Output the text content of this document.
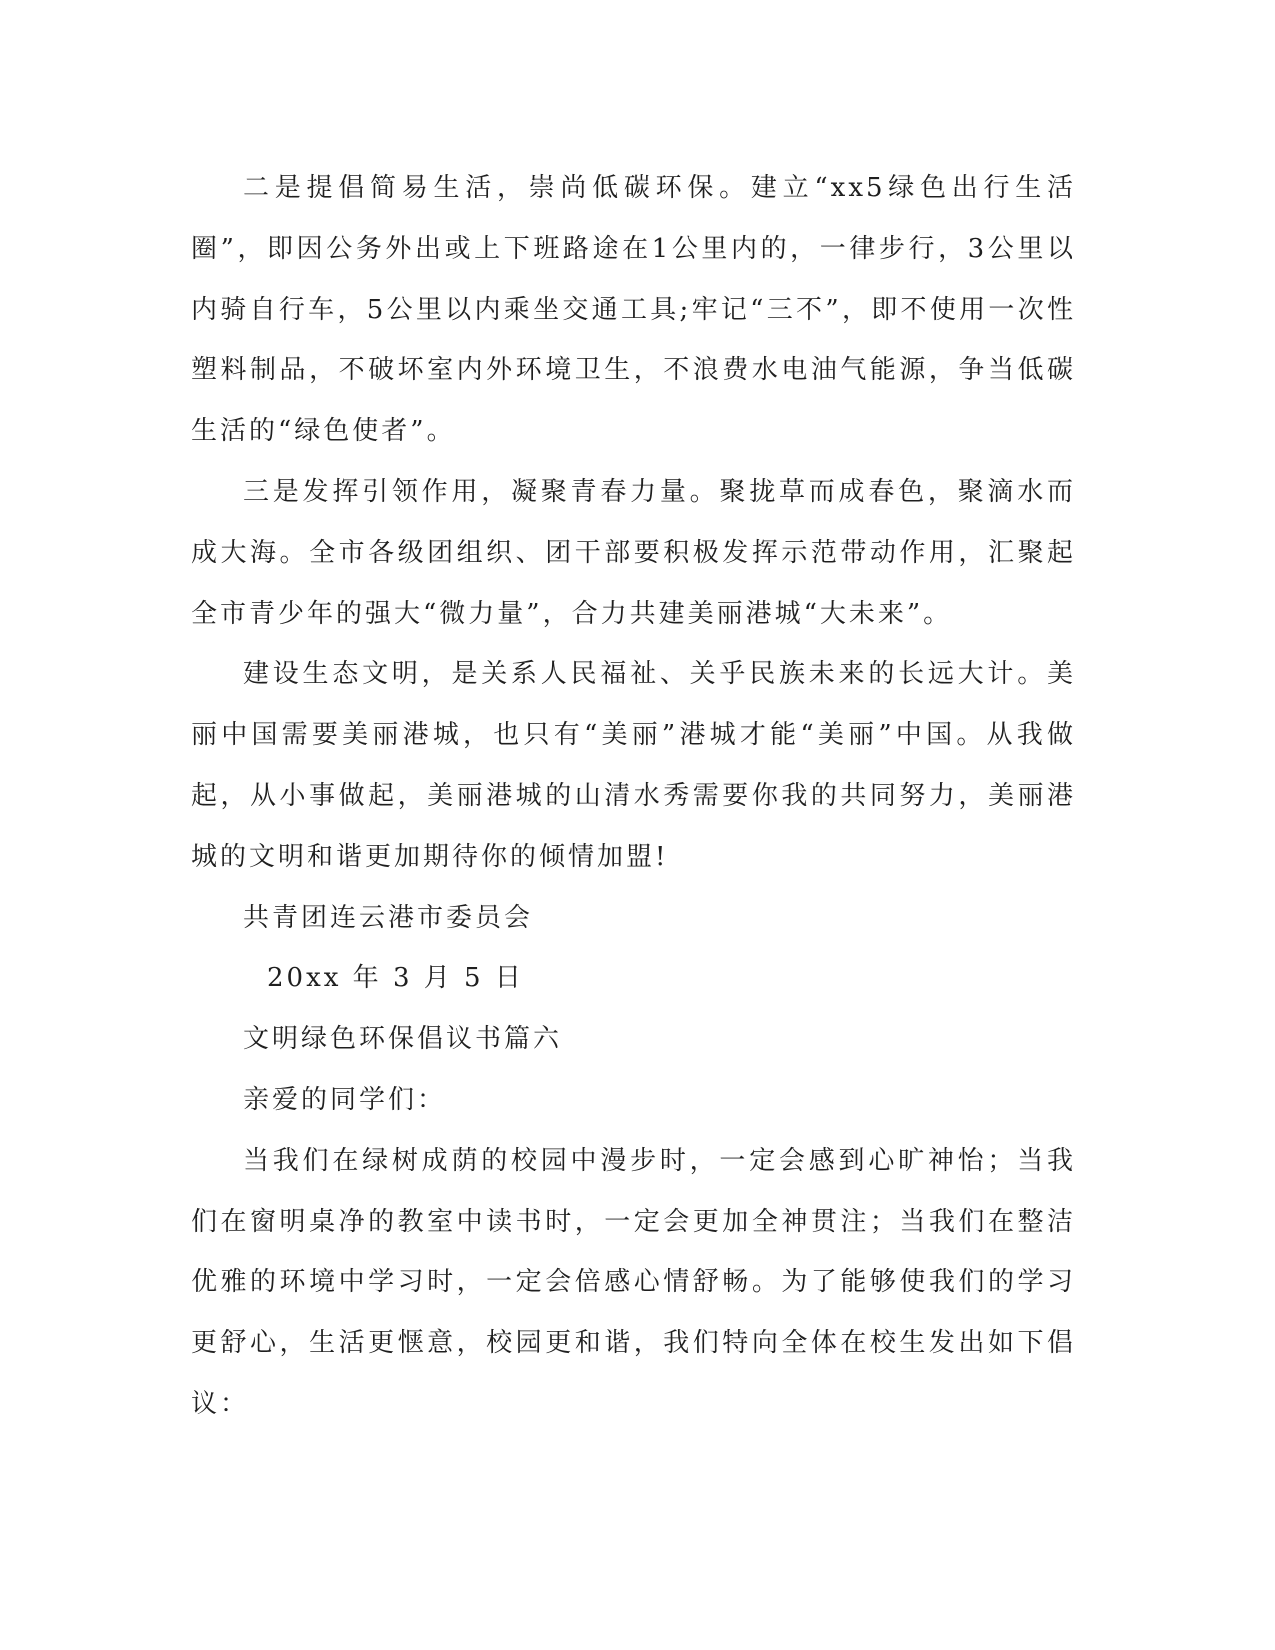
二是提倡简易生活，崇尚低碳环保。建立“xx5绿色出行生活圈”，即因公务外出或上下班路途在1公里内的，一律步行，3公里以内骑自行车，5公里以内乘坐交通工具;牢记“三不”，即不使用一次性塑料制品，不破坏室内外环境卫生，不浪费水电油气能源，争当低碳生活的“绿色使者”。

三是发挥引领作用，凝聚青春力量。聚拢草而成春色，聚滴水而成大海。全市各级团组织、团干部要积极发挥示范带动作用，汇聚起全市青少年的强大“微力量”，合力共建美丽港城“大未来”。

建设生态文明，是关系人民福祉、关乎民族未来的长远大计。美丽中国需要美丽港城，也只有“美丽”港城才能“美丽”中国。从我做起，从小事做起，美丽港城的山清水秀需要你我的共同努力，美丽港城的文明和谐更加期待你的倾情加盟!

共青团连云港市委员会

20xx 年 3 月 5 日

文明绿色环保倡议书篇六

亲爱的同学们：

当我们在绿树成荫的校园中漫步时，一定会感到心旷神怡；当我们在窗明桌净的教室中读书时，一定会更加全神贯注；当我们在整洁优雅的环境中学习时，一定会倍感心情舒畅。为了能够使我们的学习更舒心，生活更惬意，校园更和谐，我们特向全体在校生发出如下倡议：
